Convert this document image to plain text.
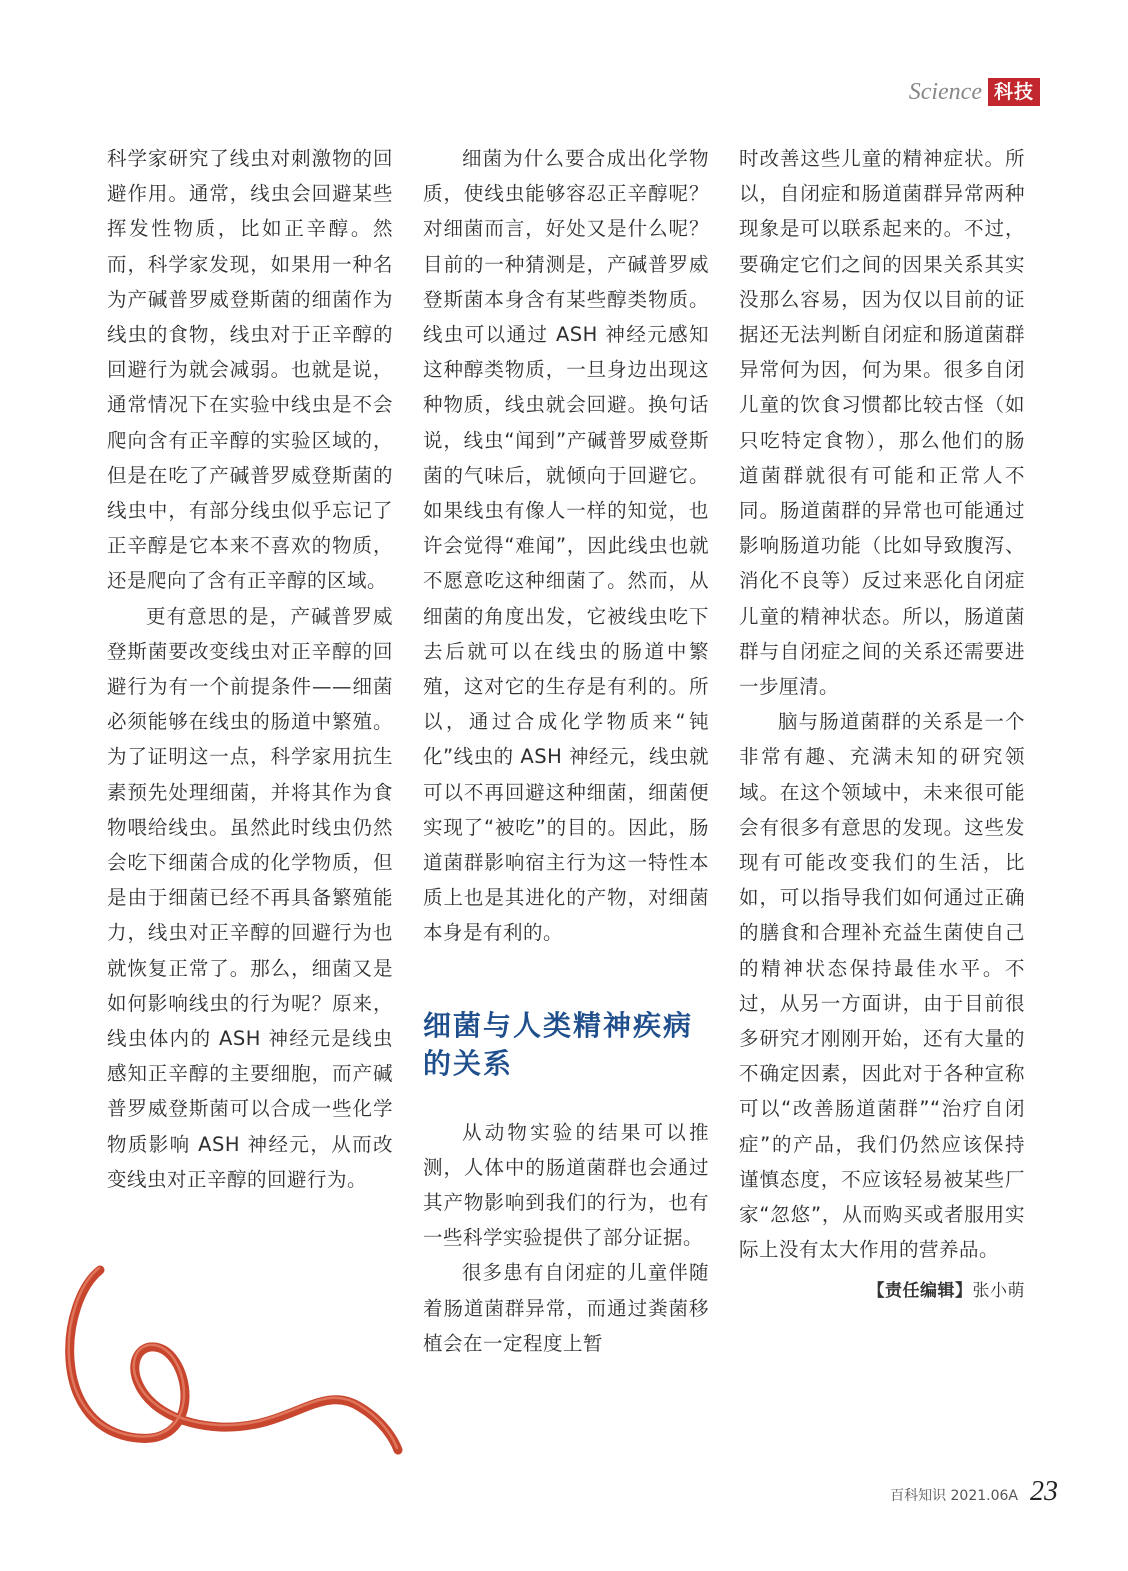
Science 科技

科学家研究了线虫对刺激物的回避作用。通常，线虫会回避某些挥发性物质，比如正辛醇。然而，科学家发现，如果用一种名为产碱普罗威登斯菌的细菌作为线虫的食物，线虫对于正辛醇的回避行为就会减弱。也就是说，通常情况下在实验中线虫是不会爬向含有正辛醇的实验区域的，但是在吃了产碱普罗威登斯菌的线虫中，有部分线虫似乎忘记了正辛醇是它本来不喜欢的物质，还是爬向了含有正辛醇的区域。

更有意思的是，产碱普罗威登斯菌要改变线虫对正辛醇的回避行为有一个前提条件——细菌必须能够在线虫的肠道中繁殖。为了证明这一点，科学家用抗生素预先处理细菌，并将其作为食物喂给线虫。虽然此时线虫仍然会吃下细菌合成的化学物质，但是由于细菌已经不再具备繁殖能力，线虫对正辛醇的回避行为也就恢复正常了。那么，细菌又是如何影响线虫的行为呢？原来，线虫体内的 ASH 神经元是线虫感知正辛醇的主要细胞，而产碱普罗威登斯菌可以合成一些化学物质影响 ASH 神经元，从而改变线虫对正辛醇的回避行为。

细菌为什么要合成出化学物质，使线虫能够容忍正辛醇呢？对细菌而言，好处又是什么呢？目前的一种猜测是，产碱普罗威登斯菌本身含有某些醇类物质。线虫可以通过 ASH 神经元感知这种醇类物质，一旦身边出现这种物质，线虫就会回避。换句话说，线虫“闻到”产碱普罗威登斯菌的气味后，就倾向于回避它。如果线虫有像人一样的知觉，也许会觉得“难闻”，因此线虫也就不愿意吃这种细菌了。然而，从细菌的角度出发，它被线虫吃下去后就可以在线虫的肠道中繁殖，这对它的生存是有利的。所以，通过合成化学物质来“钝化”线虫的 ASH 神经元，线虫就可以不再回避这种细菌，细菌便实现了“被吃”的目的。因此，肠道菌群影响宿主行为这一特性本质上也是其进化的产物，对细菌本身是有利的。

细菌与人类精神疾病的关系

从动物实验的结果可以推测，人体中的肠道菌群也会通过其产物影响到我们的行为，也有一些科学实验提供了部分证据。

很多患有自闭症的儿童伴随着肠道菌群异常，而通过粪菌移植会在一定程度上暂

时改善这些儿童的精神症状。所以，自闭症和肠道菌群异常两种现象是可以联系起来的。不过，要确定它们之间的因果关系其实没那么容易，因为仅以目前的证据还无法判断自闭症和肠道菌群异常何为因，何为果。很多自闭儿童的饮食习惯都比较古怪（如只吃特定食物），那么他们的肠道菌群就很有可能和正常人不同。肠道菌群的异常也可能通过影响肠道功能（比如导致腹泻、消化不良等）反过来恶化自闭症儿童的精神状态。所以，肠道菌群与自闭症之间的关系还需要进一步厘清。

脑与肠道菌群的关系是一个非常有趣、充满未知的研究领域。在这个领域中，未来很可能会有很多有意思的发现。这些发现有可能改变我们的生活，比如，可以指导我们如何通过正确的膳食和合理补充益生菌使自己的精神状态保持最佳水平。不过，从另一方面讲，由于目前很多研究才刚刚开始，还有大量的不确定因素，因此对于各种宣称可以“改善肠道菌群”“治疗自闭症”的产品，我们仍然应该保持谨慎态度，不应该轻易被某些厂家“忽悠”，从而购买或者服用实际上没有太大作用的营养品。

【责任编辑】张小萌
百科知识 2021.06A 23
